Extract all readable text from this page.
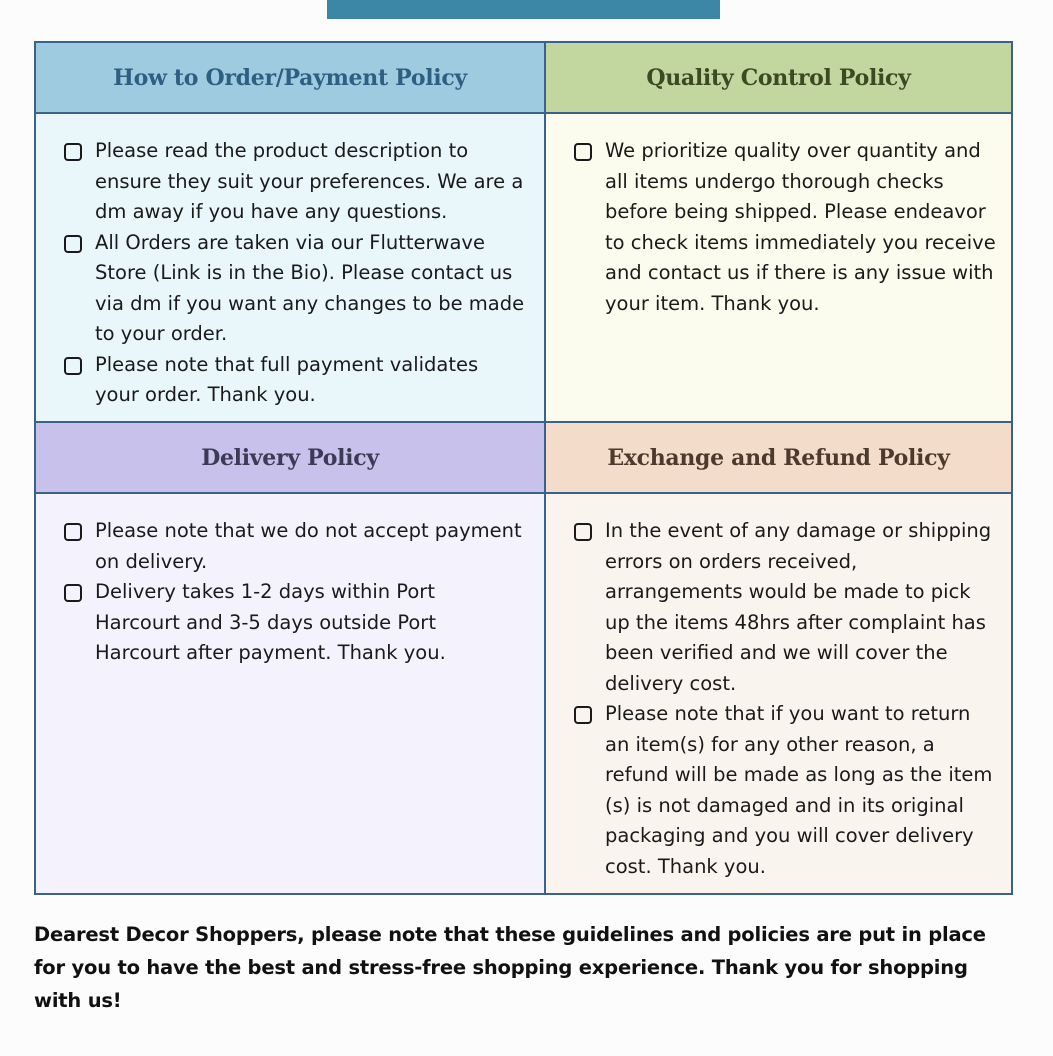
How to Order/Payment Policy	Quality Control Policy
Please read the product description to ensure they suit your preferences. We are a dm away if you have any questions.
All Orders are taken via our Flutterwave Store (Link is in the Bio). Please contact us via dm if you want any changes to be made to your order.
Please note that full payment validates your order. Thank you.
We prioritize quality over quantity and all items undergo thorough checks before being shipped. Please endeavor to check items immediately you receive and contact us if there is any issue with your item. Thank you.
Delivery Policy	Exchange and Refund Policy
Please note that we do not accept payment on delivery.
Delivery takes 1-2 days within Port Harcourt and 3-5 days outside Port Harcourt after payment. Thank you.
In the event of any damage or shipping errors on orders received, arrangements would be made to pick up the items 48hrs after complaint has been verified and we will cover the delivery cost.
Please note that if you want to return an item(s) for any other reason, a refund will be made as long as the item (s) is not damaged and in its original packaging and you will cover delivery cost. Thank you.

Dearest Decor Shoppers, please note that these guidelines and policies are put in place for you to have the best and stress-free shopping experience. Thank you for shopping with us!
